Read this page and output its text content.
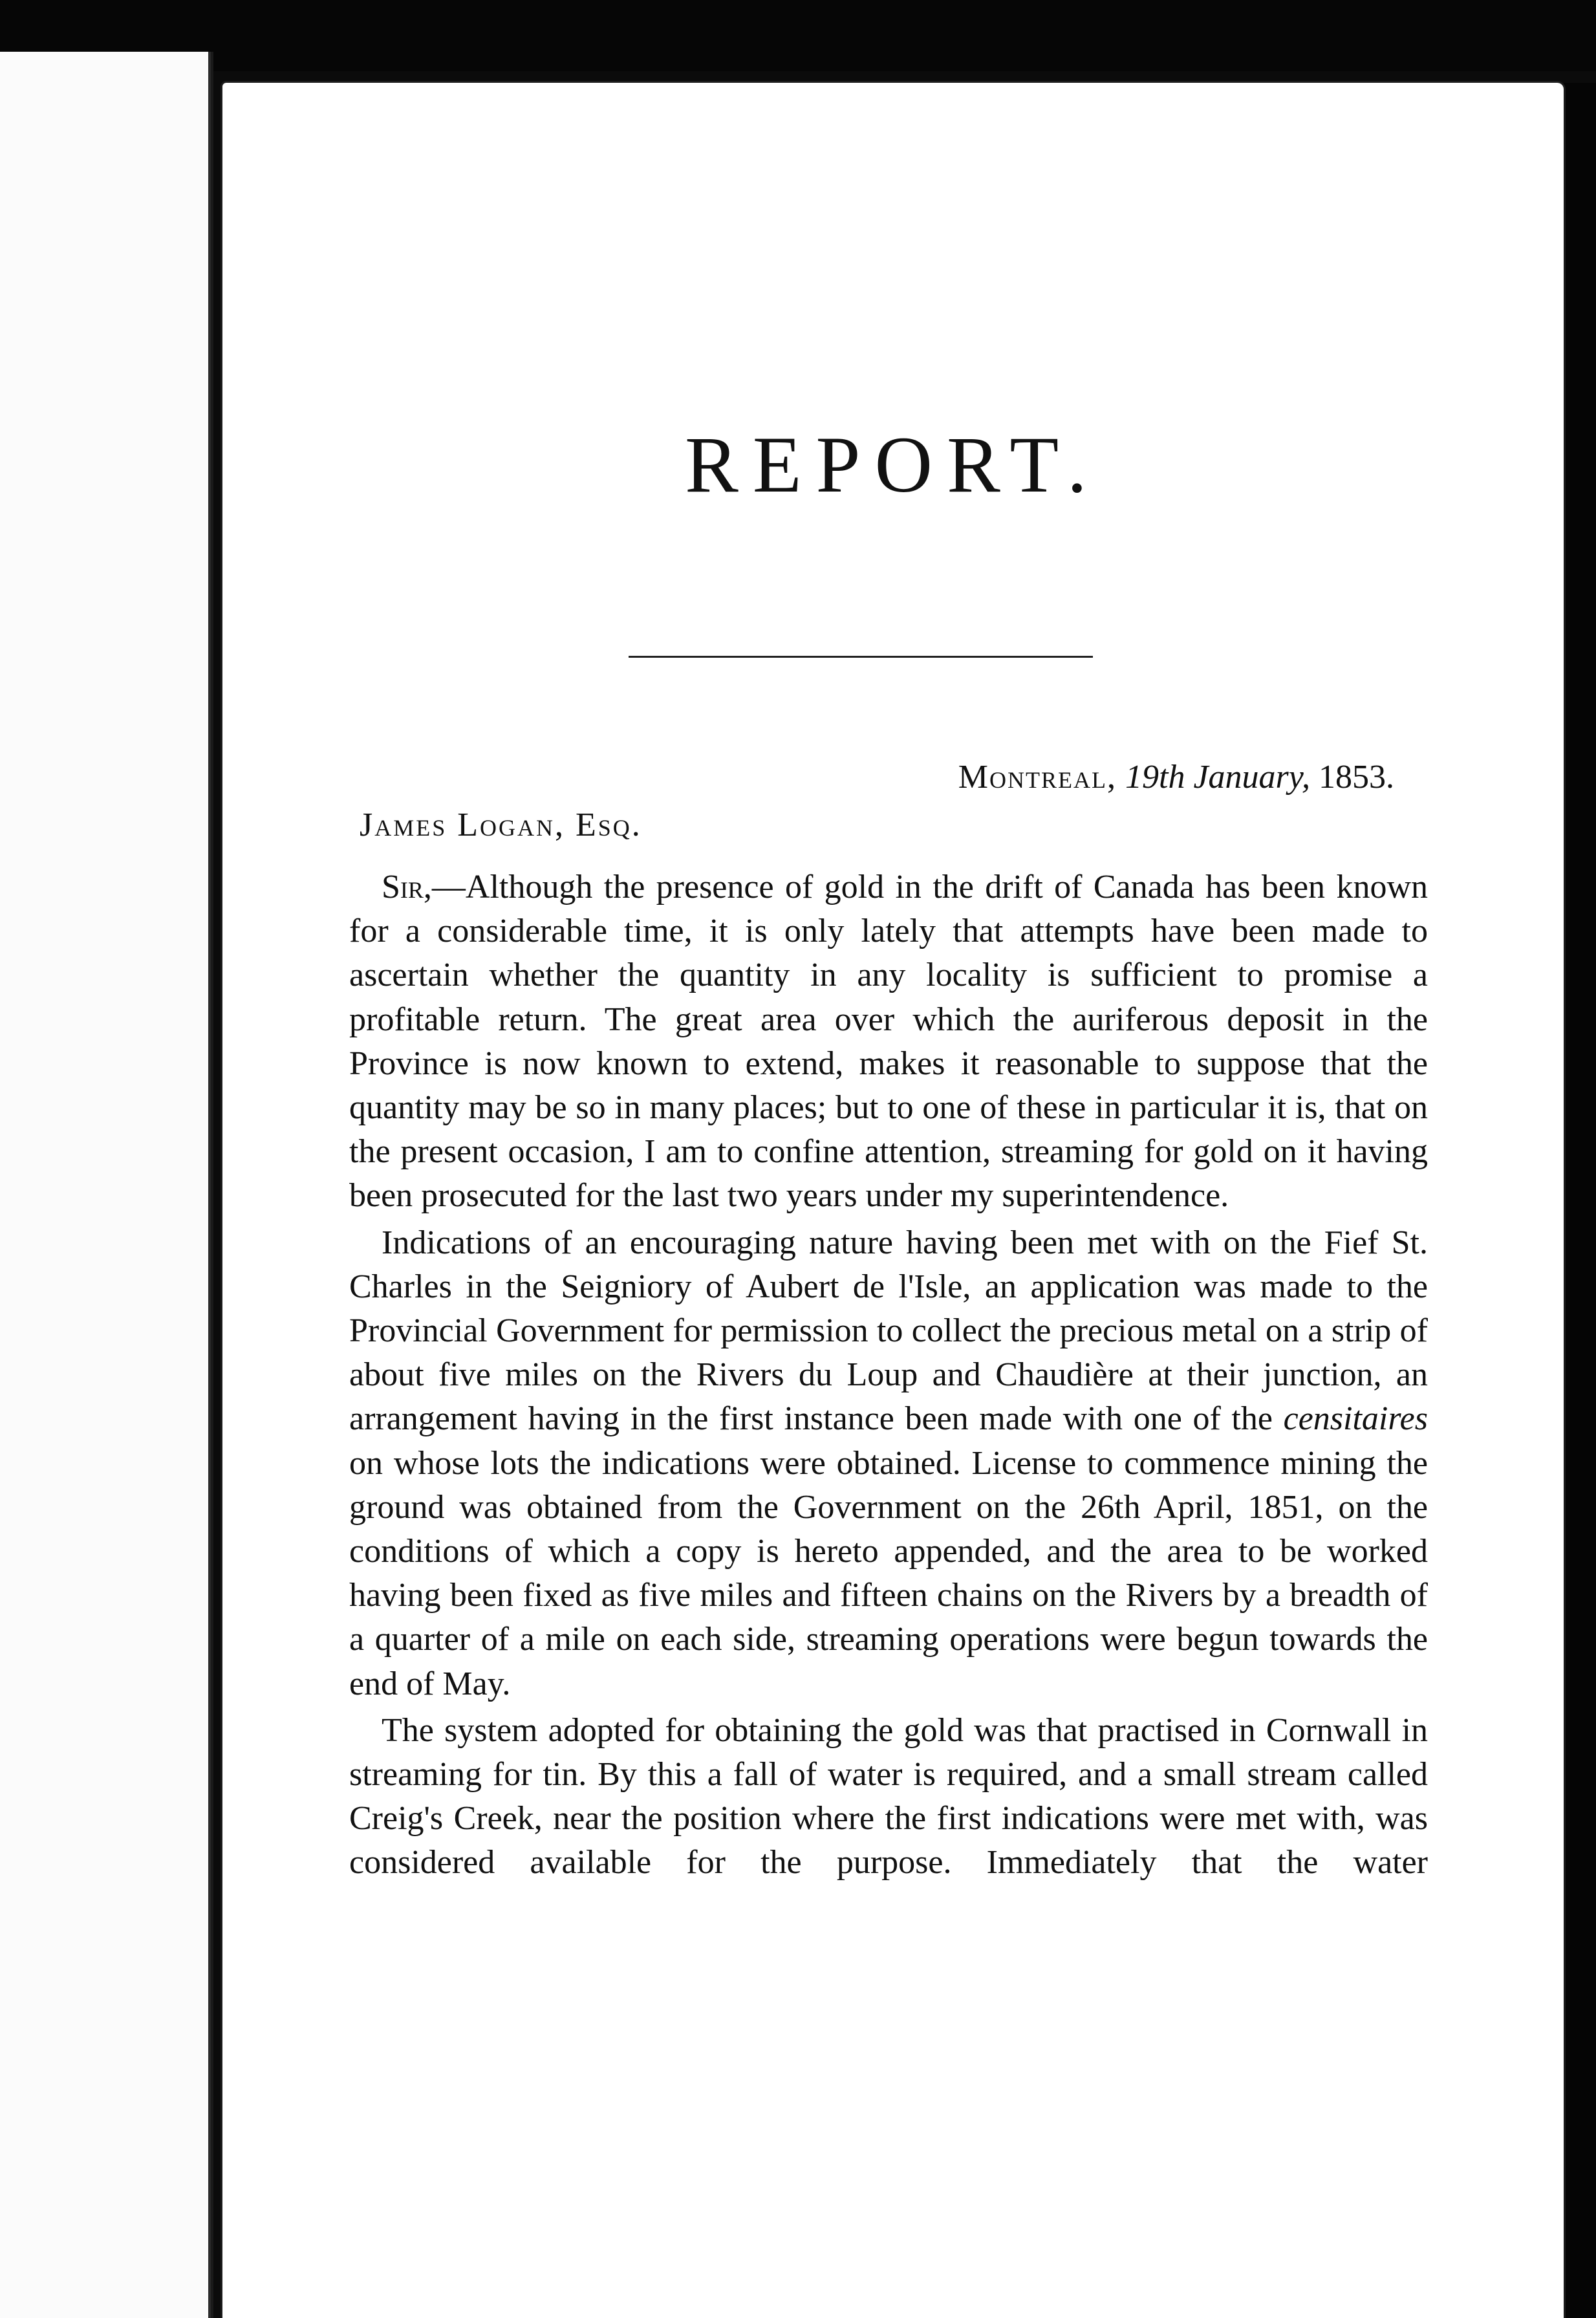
REPORT.
Montreal, 19th January, 1853.
James Logan, Esq.

Sir,—Although the presence of gold in the drift of Canada has been known for a considerable time, it is only lately that attempts have been made to ascertain whether the quantity in any locality is sufficient to promise a profitable return. The great area over which the auriferous deposit in the Province is now known to extend, makes it reasonable to suppose that the quantity may be so in many places; but to one of these in particular it is, that on the present occasion, I am to confine attention, streaming for gold on it having been prosecuted for the last two years under my superintendence.

Indications of an encouraging nature having been met with on the Fief St. Charles in the Seigniory of Aubert de l'Isle, an application was made to the Provincial Government for permission to collect the precious metal on a strip of about five miles on the Rivers du Loup and Chaudière at their junction, an arrangement having in the first instance been made with one of the censitaires on whose lots the indications were obtained. License to commence mining the ground was obtained from the Government on the 26th April, 1851, on the conditions of which a copy is hereto appended, and the area to be worked having been fixed as five miles and fifteen chains on the Rivers by a breadth of a quarter of a mile on each side, streaming operations were begun towards the end of May.

The system adopted for obtaining the gold was that practised in Cornwall in streaming for tin. By this a fall of water is required, and a small stream called Creig's Creek, near the position where the first indications were met with, was considered available for the purpose. Immediately that the water
